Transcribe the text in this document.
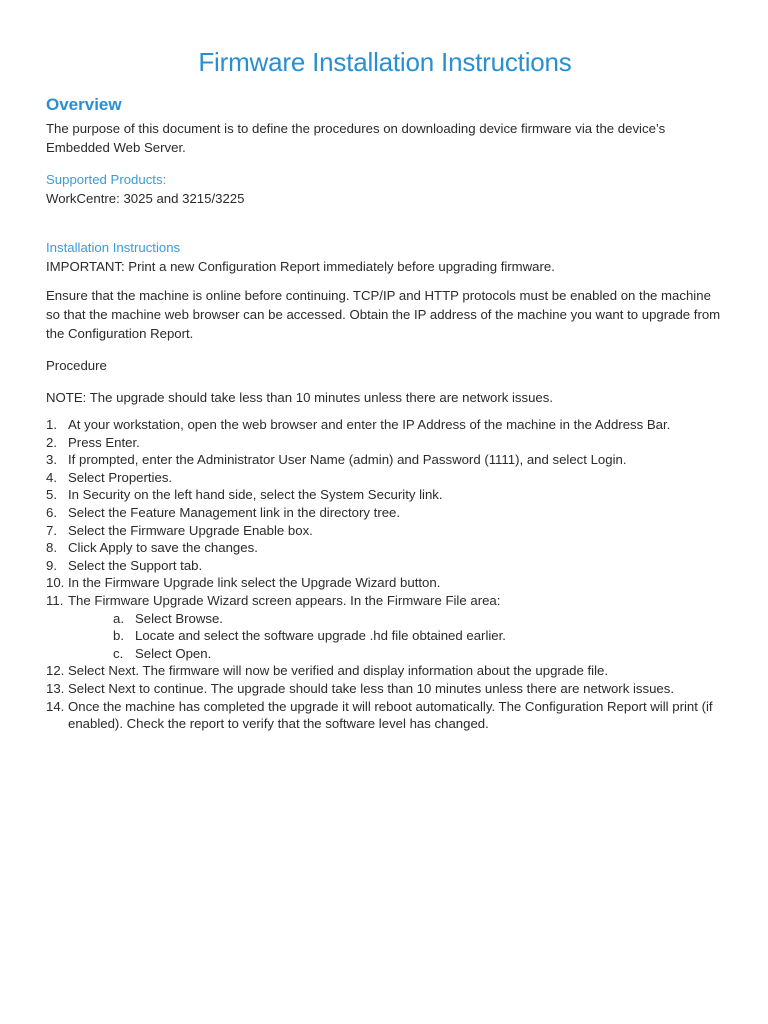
Firmware Installation Instructions
Overview

The purpose of this document is to define the procedures on downloading device firmware via the device’s Embedded Web Server.

Supported Products:

WorkCentre: 3025 and 3215/3225

Installation Instructions

IMPORTANT: Print a new Configuration Report immediately before upgrading firmware.

Ensure that the machine is online before continuing. TCP/IP and HTTP protocols must be enabled on the machine so that the machine web browser can be accessed. Obtain the IP address of the machine you want to upgrade from the Configuration Report.

Procedure

NOTE: The upgrade should take less than 10 minutes unless there are network issues.

1. At your workstation, open the web browser and enter the IP Address of the machine in the Address Bar.
2. Press Enter.
3. If prompted, enter the Administrator User Name (admin) and Password (1111), and select Login.
4. Select Properties.
5. In Security on the left hand side, select the System Security link.
6. Select the Feature Management link in the directory tree.
7. Select the Firmware Upgrade Enable box.
8. Click Apply to save the changes.
9. Select the Support tab.
10. In the Firmware Upgrade link select the Upgrade Wizard button.
11. The Firmware Upgrade Wizard screen appears. In the Firmware File area:
a. Select Browse.
b. Locate and select the software upgrade .hd file obtained earlier.
c. Select Open.
12. Select Next. The firmware will now be verified and display information about the upgrade file.
13. Select Next to continue. The upgrade should take less than 10 minutes unless there are network issues.
14. Once the machine has completed the upgrade it will reboot automatically. The Configuration Report will print (if enabled). Check the report to verify that the software level has changed.
